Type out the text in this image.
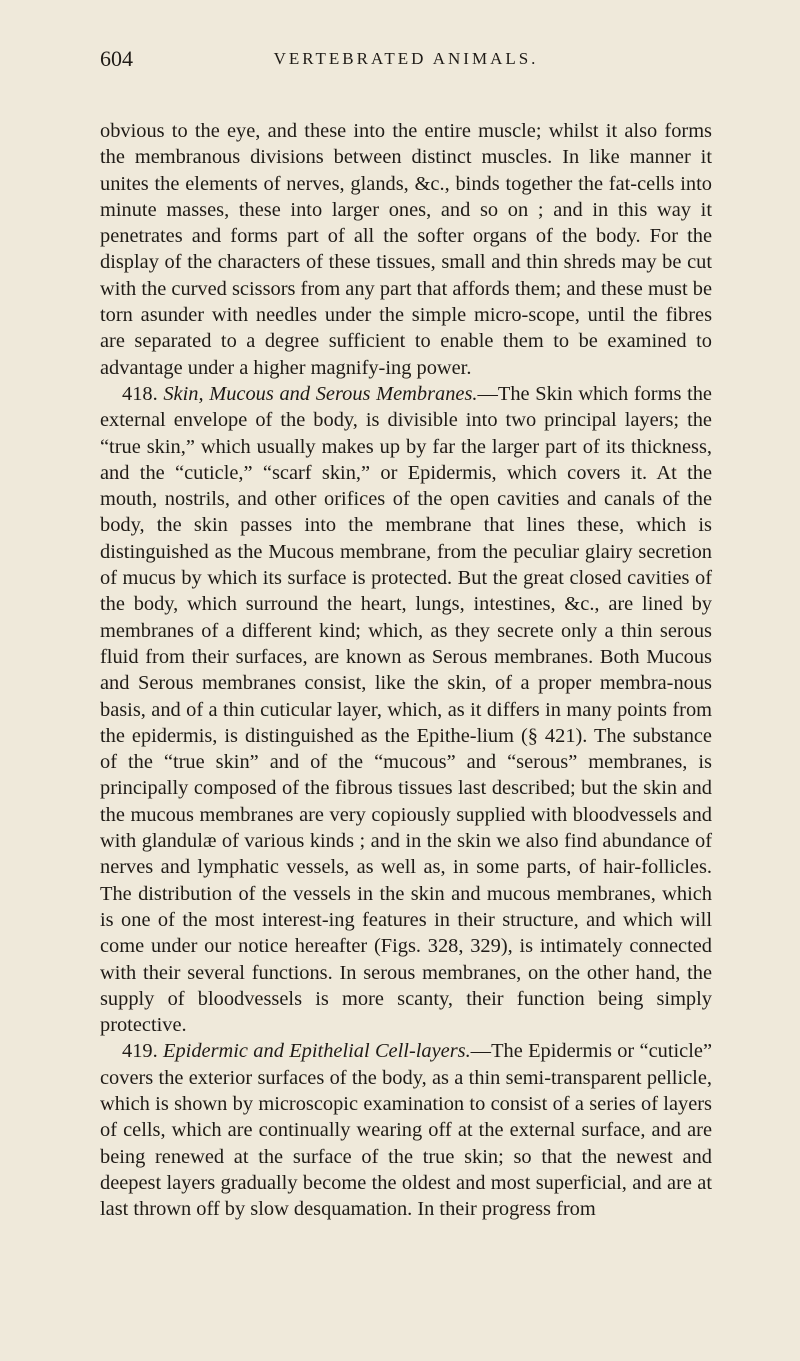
604	VERTEBRATED ANIMALS.

obvious to the eye, and these into the entire muscle; whilst it also forms the membranous divisions between distinct muscles. In like manner it unites the elements of nerves, glands, &c., binds together the fat-cells into minute masses, these into larger ones, and so on ; and in this way it penetrates and forms part of all the softer organs of the body. For the display of the characters of these tissues, small and thin shreds may be cut with the curved scissors from any part that affords them; and these must be torn asunder with needles under the simple micro-scope, until the fibres are separated to a degree sufficient to enable them to be examined to advantage under a higher magnify-ing power.

418. Skin, Mucous and Serous Membranes.—The Skin which forms the external envelope of the body, is divisible into two principal layers; the “true skin,” which usually makes up by far the larger part of its thickness, and the “cuticle,” “scarf skin,” or Epidermis, which covers it. At the mouth, nostrils, and other orifices of the open cavities and canals of the body, the skin passes into the membrane that lines these, which is distinguished as the Mucous membrane, from the peculiar glairy secretion of mucus by which its surface is protected. But the great closed cavities of the body, which surround the heart, lungs, intestines, &c., are lined by membranes of a different kind; which, as they secrete only a thin serous fluid from their surfaces, are known as Serous membranes. Both Mucous and Serous membranes consist, like the skin, of a proper membra-nous basis, and of a thin cuticular layer, which, as it differs in many points from the epidermis, is distinguished as the Epithe-lium (§ 421). The substance of the “true skin” and of the “mucous” and “serous” membranes, is principally composed of the fibrous tissues last described; but the skin and the mucous membranes are very copiously supplied with bloodvessels and with glandulæ of various kinds ; and in the skin we also find abundance of nerves and lymphatic vessels, as well as, in some parts, of hair-follicles. The distribution of the vessels in the skin and mucous membranes, which is one of the most interest-ing features in their structure, and which will come under our notice hereafter (Figs. 328, 329), is intimately connected with their several functions. In serous membranes, on the other hand, the supply of bloodvessels is more scanty, their function being simply protective.

419. Epidermic and Epithelial Cell-layers.—The Epidermis or “cuticle” covers the exterior surfaces of the body, as a thin semi-transparent pellicle, which is shown by microscopic examination to consist of a series of layers of cells, which are continually wearing off at the external surface, and are being renewed at the surface of the true skin; so that the newest and deepest layers gradually become the oldest and most superficial, and are at last thrown off by slow desquamation. In their progress from
